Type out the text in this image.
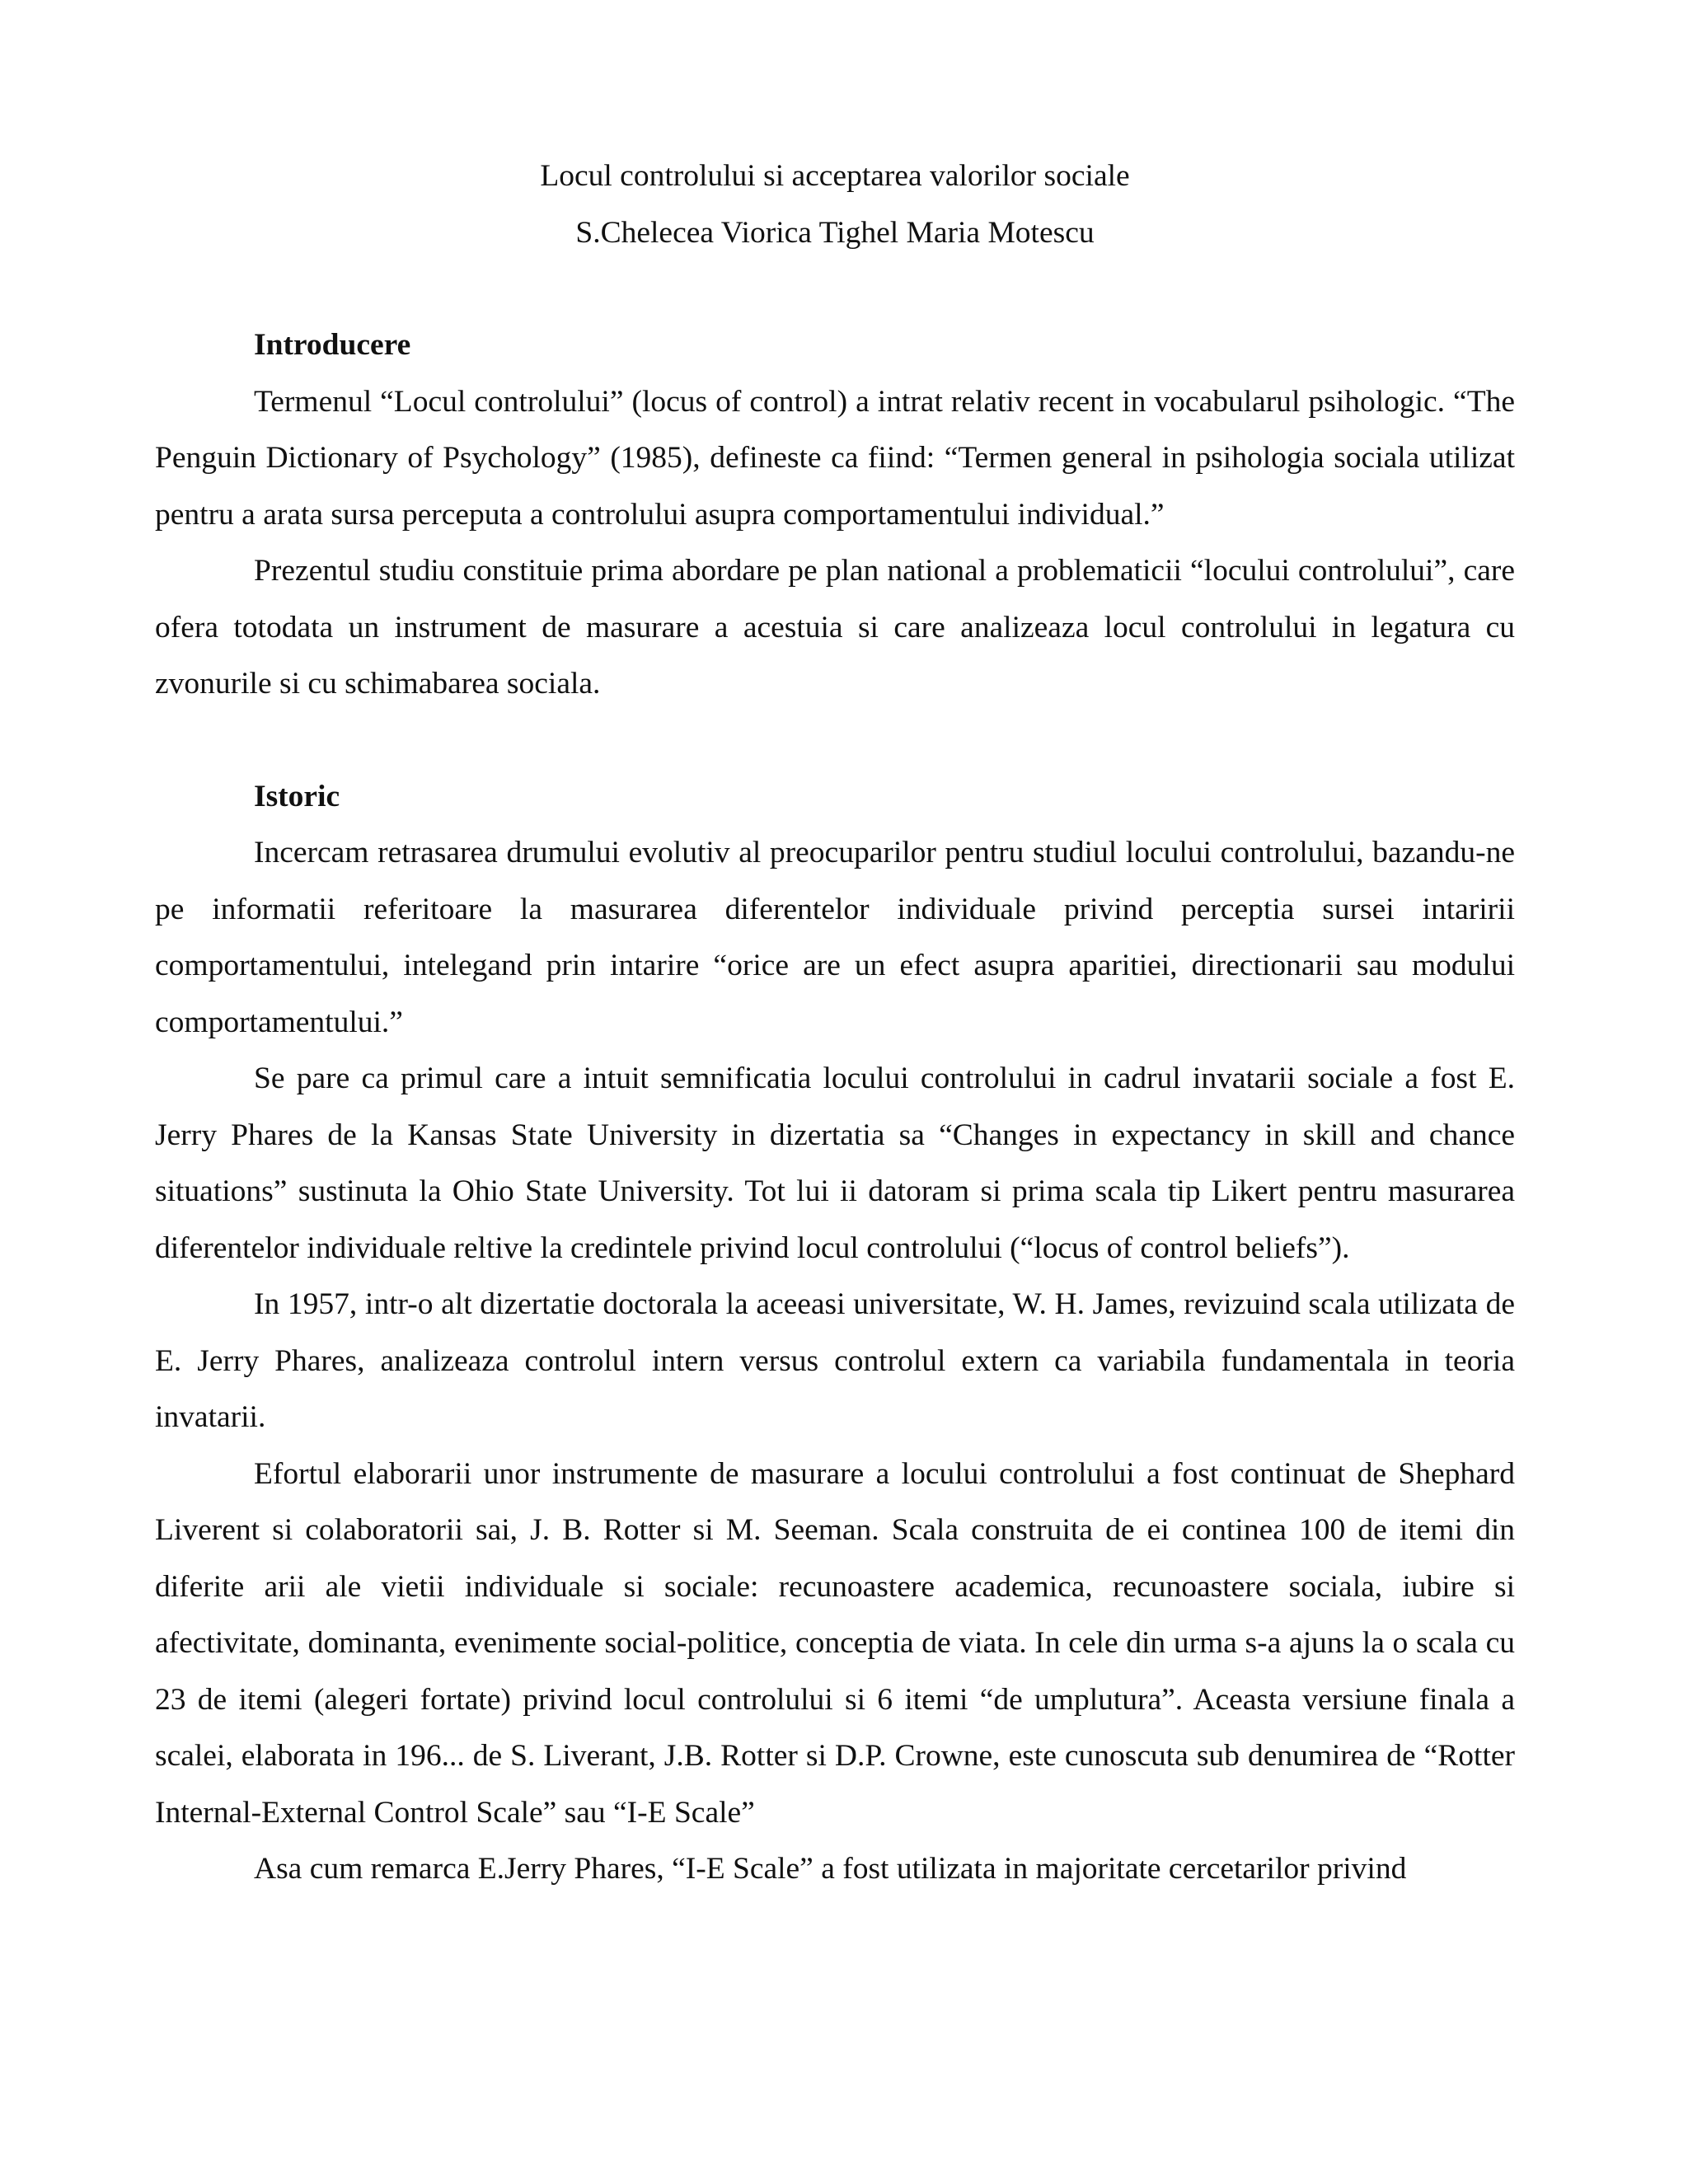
Locul controlului si acceptarea valorilor sociale
S.Chelecea Viorica Tighel Maria Motescu

Introducere

Termenul “Locul controlului” (locus of control) a intrat relativ recent in vocabularul psihologic. “The Penguin Dictionary of Psychology” (1985), defineste ca fiind: “Termen general in psihologia sociala utilizat pentru a arata sursa perceputa a controlului asupra comportamentului individual.”

Prezentul studiu constituie prima abordare pe plan national a problematicii “locului controlului”, care ofera totodata un instrument de masurare a acestuia si care analizeaza locul controlului in legatura cu zvonurile si cu schimabarea sociala.

Istoric

Incercam retrasarea drumului evolutiv al preocuparilor pentru studiul locului controlului, bazandu-ne pe informatii referitoare la masurarea diferentelor individuale privind perceptia sursei intaririi comportamentului, intelegand prin intarire “orice are un efect asupra aparitiei, directionarii sau modului comportamentului.”

Se pare ca primul care a intuit semnificatia locului controlului in cadrul invatarii sociale a fost E. Jerry Phares de la Kansas State University in dizertatia sa “Changes in expectancy in skill and chance situations” sustinuta la Ohio State University. Tot lui ii datoram si prima scala tip Likert pentru masurarea diferentelor individuale reltive la credintele privind locul controlului (“locus of control beliefs”).

In 1957, intr-o alt dizertatie doctorala la aceeasi universitate, W. H. James, revizuind scala utilizata de E. Jerry Phares, analizeaza controlul intern versus controlul extern ca variabila fundamentala in teoria invatarii.

Efortul elaborarii unor instrumente de masurare a locului controlului a fost continuat de Shephard Liverent si colaboratorii sai, J. B. Rotter si M. Seeman. Scala construita de ei continea 100 de itemi din diferite arii ale vietii individuale si sociale: recunoastere academica, recunoastere sociala, iubire si afectivitate, dominanta, evenimente social-politice, conceptia de viata. In cele din urma s-a ajuns la o scala cu 23 de itemi (alegeri fortate) privind locul controlului si 6 itemi “de umplutura”. Aceasta versiune finala a scalei, elaborata in 196... de S. Liverant, J.B. Rotter si D.P. Crowne, este cunoscuta sub denumirea de “Rotter Internal-External Control Scale” sau “I-E Scale”

Asa cum remarca E.Jerry Phares, “I-E Scale” a fost utilizata in majoritate cercetarilor privind
